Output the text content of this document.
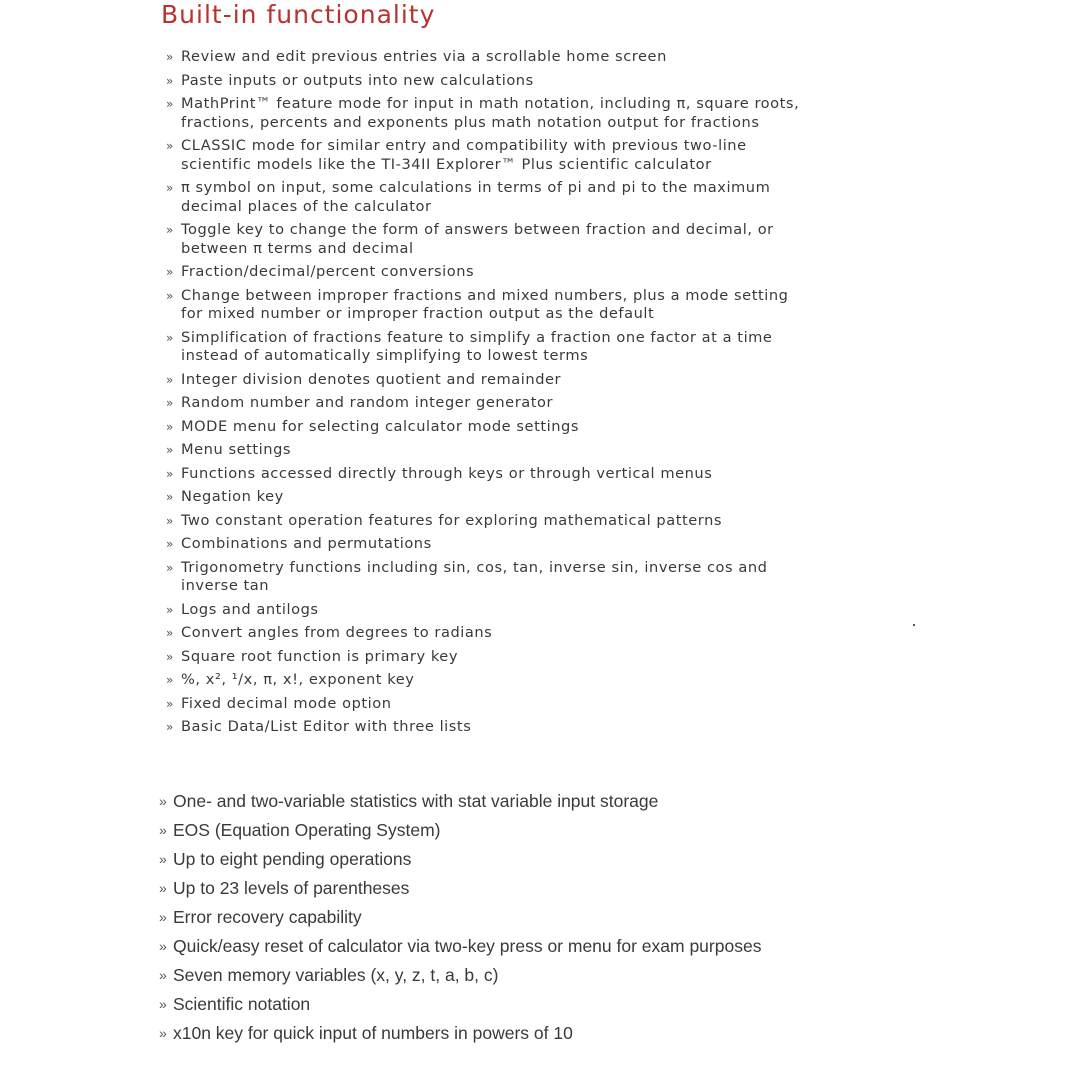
Built-in functionality
» Review and edit previous entries via a scrollable home screen
» Paste inputs or outputs into new calculations
» MathPrint™ feature mode for input in math notation, including π, square roots, fractions, percents and exponents plus math notation output for fractions
» CLASSIC mode for similar entry and compatibility with previous two-line scientific models like the TI-34II Explorer™ Plus scientific calculator
» π symbol on input, some calculations in terms of pi and pi to the maximum decimal places of the calculator
» Toggle key to change the form of answers between fraction and decimal, or between π terms and decimal
» Fraction/decimal/percent conversions
» Change between improper fractions and mixed numbers, plus a mode setting for mixed number or improper fraction output as the default
» Simplification of fractions feature to simplify a fraction one factor at a time instead of automatically simplifying to lowest terms
» Integer division denotes quotient and remainder
» Random number and random integer generator
» MODE menu for selecting calculator mode settings
» Menu settings
» Functions accessed directly through keys or through vertical menus
» Negation key
» Two constant operation features for exploring mathematical patterns
» Combinations and permutations
» Trigonometry functions including sin, cos, tan, inverse sin, inverse cos and inverse tan
» Logs and antilogs
» Convert angles from degrees to radians
» Square root function is primary key
» %, x², ¹/x, π, x!, exponent key
» Fixed decimal mode option
» Basic Data/List Editor with three lists
» One- and two-variable statistics with stat variable input storage
» EOS (Equation Operating System)
» Up to eight pending operations
» Up to 23 levels of parentheses
» Error recovery capability
» Quick/easy reset of calculator via two-key press or menu for exam purposes
» Seven memory variables (x, y, z, t, a, b, c)
» Scientific notation
» x10n key for quick input of numbers in powers of 10
